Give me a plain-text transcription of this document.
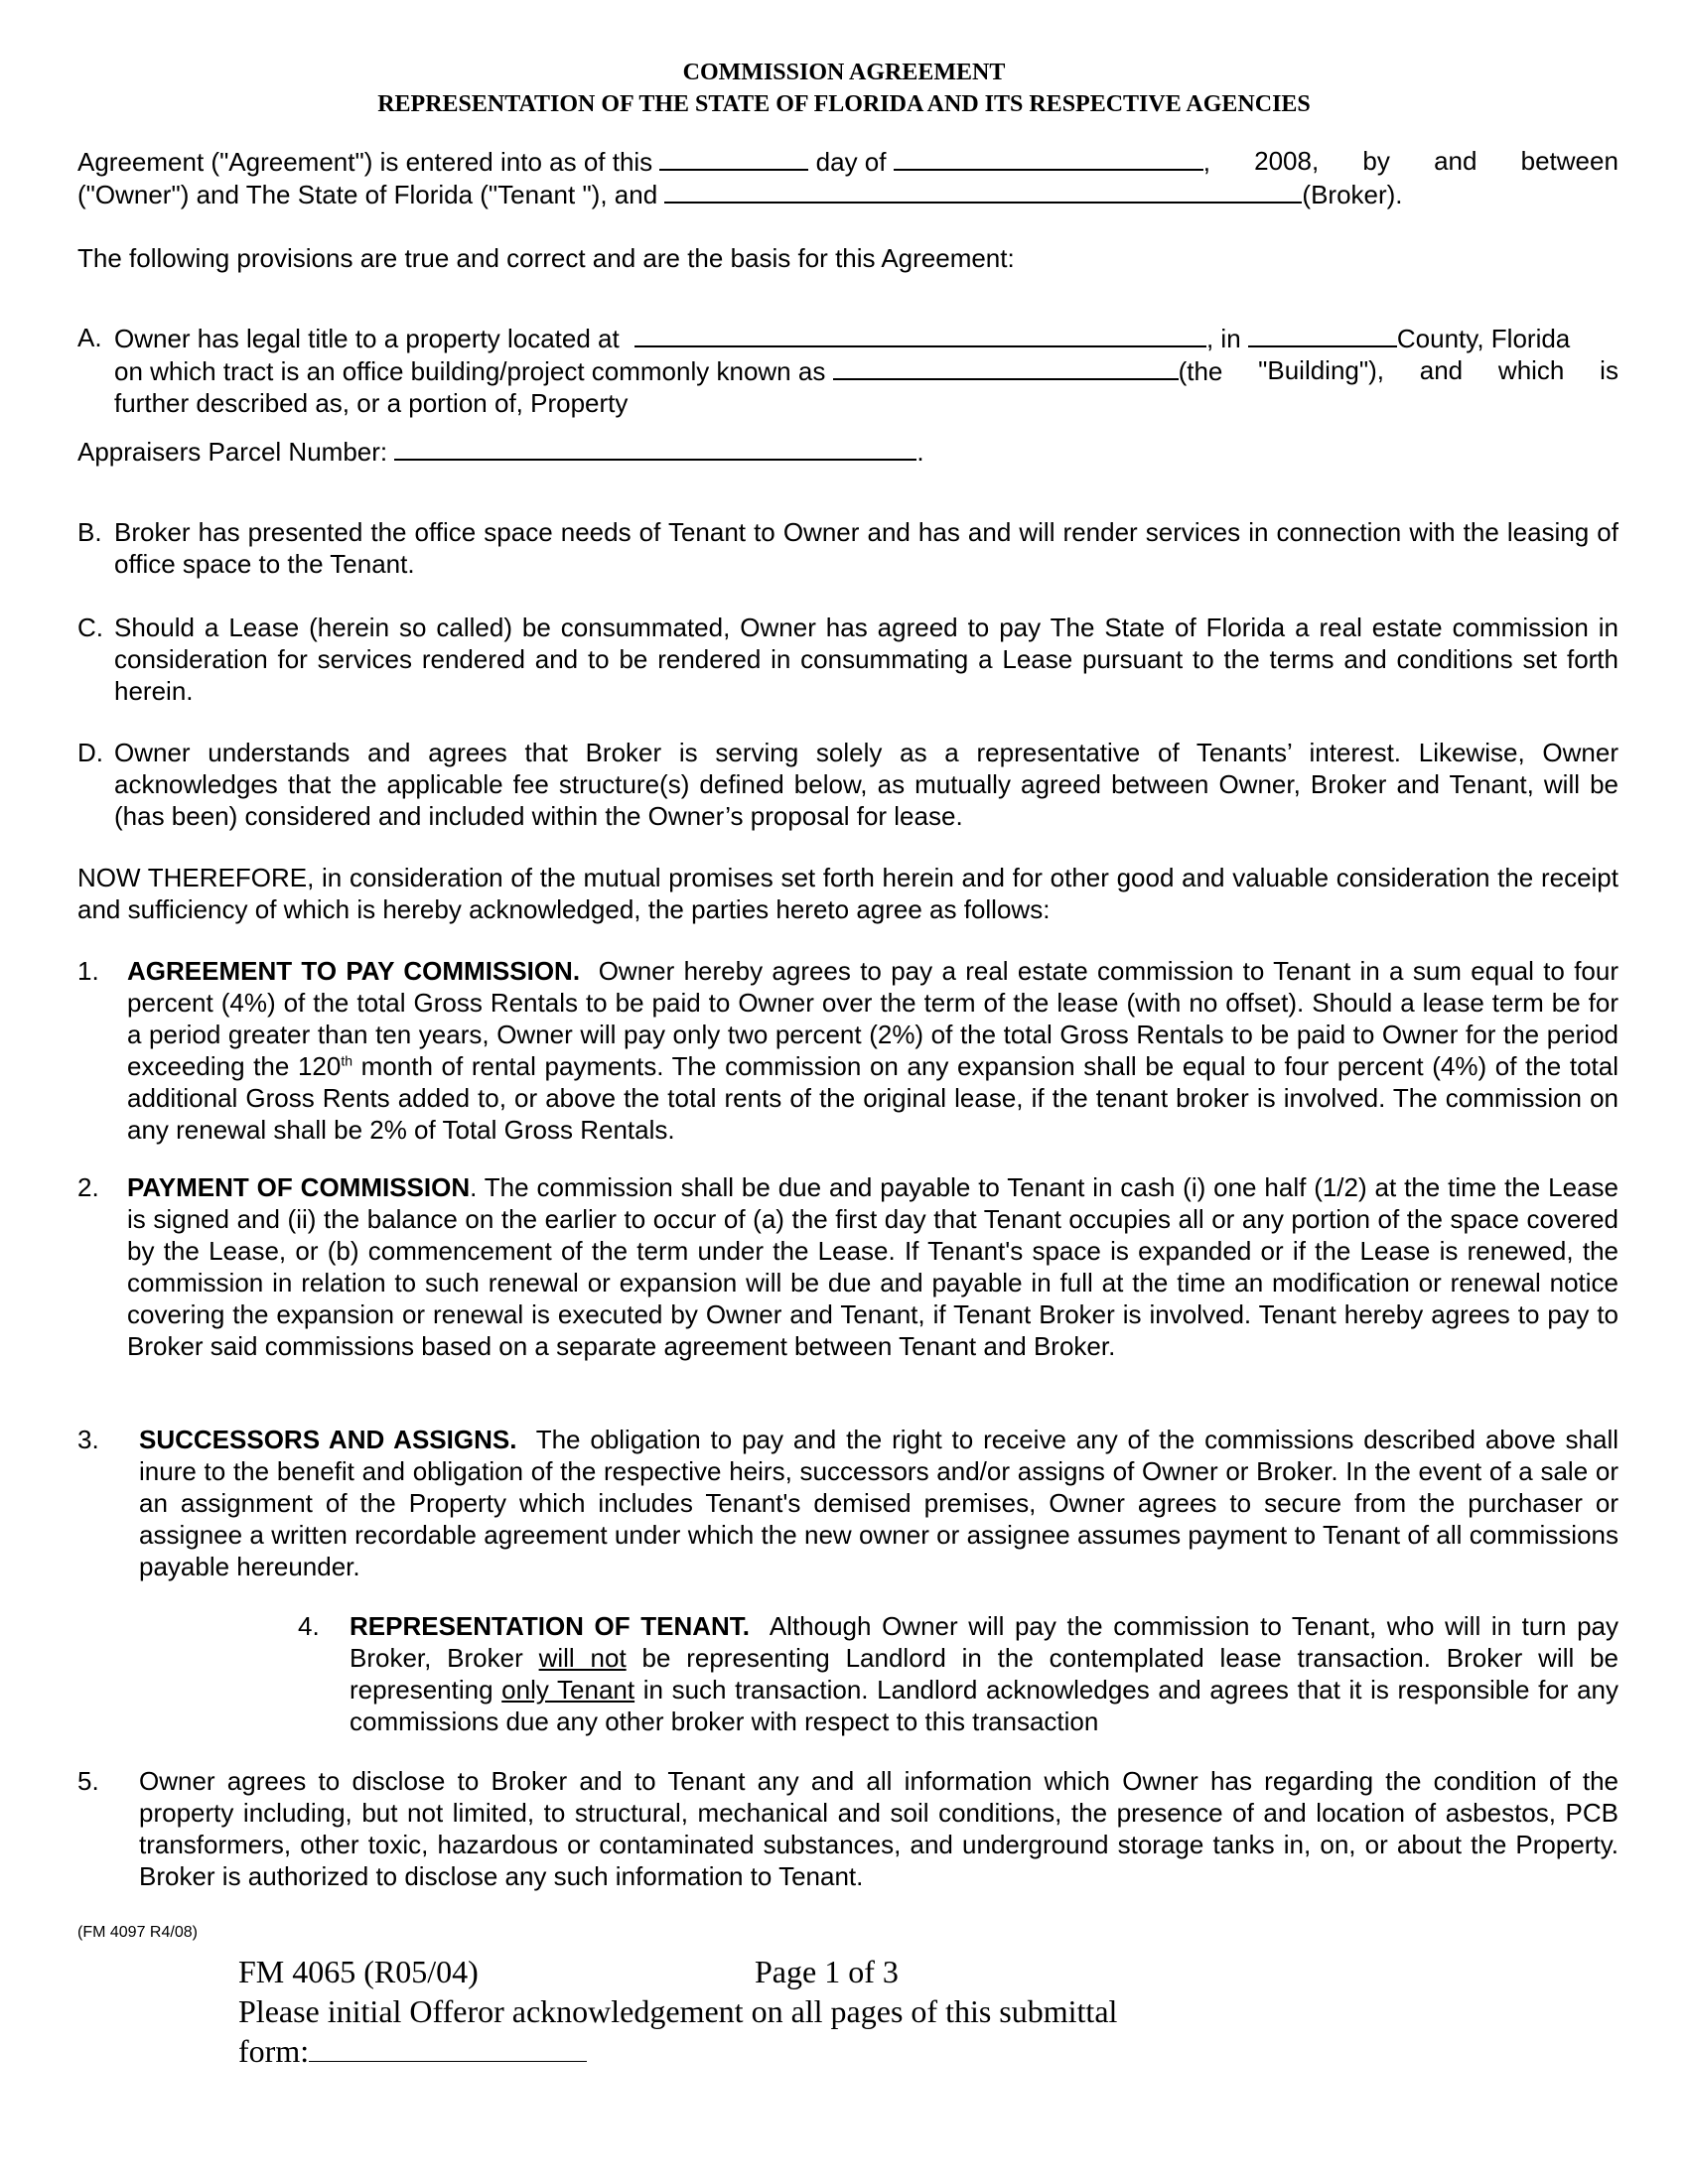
COMMISSION AGREEMENT
REPRESENTATION OF THE STATE OF FLORIDA AND ITS RESPECTIVE AGENCIES
Agreement ("Agreement") is entered into as of this	day of	, 2008, by and between
("Owner") and The State of Florida ("Tenant "), and	(Broker).
The following provisions are true and correct and are the basis for this Agreement:
A. Owner has legal title to a property located at	, in	County, Florida
on which tract is an office building/project commonly known as	(the "Building"), and which is
further described as, or a portion of, Property
Appraisers Parcel Number:	.
B. Broker has presented the office space needs of Tenant to Owner and has and will render services in connection with the leasing of office space to the Tenant.
C. Should a Lease (herein so called) be consummated, Owner has agreed to pay The State of Florida a real estate commission in consideration for services rendered and to be rendered in consummating a Lease pursuant to the terms and conditions set forth herein.
D. Owner understands and agrees that Broker is serving solely as a representative of Tenants’ interest. Likewise, Owner acknowledges that the applicable fee structure(s) defined below, as mutually agreed between Owner, Broker and Tenant, will be (has been) considered and included within the Owner’s proposal for lease.
NOW THEREFORE, in consideration of the mutual promises set forth herein and for other good and valuable consideration the receipt and sufficiency of which is hereby acknowledged, the parties hereto agree as follows:
1. AGREEMENT TO PAY COMMISSION. Owner hereby agrees to pay a real estate commission to Tenant in a sum equal to four percent (4%) of the total Gross Rentals to be paid to Owner over the term of the lease (with no offset). Should a lease term be for a period greater than ten years, Owner will pay only two percent (2%) of the total Gross Rentals to be paid to Owner for the period exceeding the 120th month of rental payments. The commission on any expansion shall be equal to four percent (4%) of the total additional Gross Rents added to, or above the total rents of the original lease, if the tenant broker is involved. The commission on any renewal shall be 2% of Total Gross Rentals.
2. PAYMENT OF COMMISSION. The commission shall be due and payable to Tenant in cash (i) one half (1/2) at the time the Lease is signed and (ii) the balance on the earlier to occur of (a) the first day that Tenant occupies all or any portion of the space covered by the Lease, or (b) commencement of the term under the Lease. If Tenant's space is expanded or if the Lease is renewed, the commission in relation to such renewal or expansion will be due and payable in full at the time an modification or renewal notice covering the expansion or renewal is executed by Owner and Tenant, if Tenant Broker is involved. Tenant hereby agrees to pay to Broker said commissions based on a separate agreement between Tenant and Broker.
3. SUCCESSORS AND ASSIGNS. The obligation to pay and the right to receive any of the commissions described above shall inure to the benefit and obligation of the respective heirs, successors and/or assigns of Owner or Broker. In the event of a sale or an assignment of the Property which includes Tenant's demised premises, Owner agrees to secure from the purchaser or assignee a written recordable agreement under which the new owner or assignee assumes payment to Tenant of all commissions payable hereunder.
4. REPRESENTATION OF TENANT. Although Owner will pay the commission to Tenant, who will in turn pay Broker, Broker will not be representing Landlord in the contemplated lease transaction. Broker will be representing only Tenant in such transaction. Landlord acknowledges and agrees that it is responsible for any commissions due any other broker with respect to this transaction
5. Owner agrees to disclose to Broker and to Tenant any and all information which Owner has regarding the condition of the property including, but not limited, to structural, mechanical and soil conditions, the presence of and location of asbestos, PCB transformers, other toxic, hazardous or contaminated substances, and underground storage tanks in, on, or about the Property. Broker is authorized to disclose any such information to Tenant.
(FM 4097 R4/08)
FM 4065 (R05/04)	Page 1 of 3
Please initial Offeror acknowledgement on all pages of this submittal
form:
